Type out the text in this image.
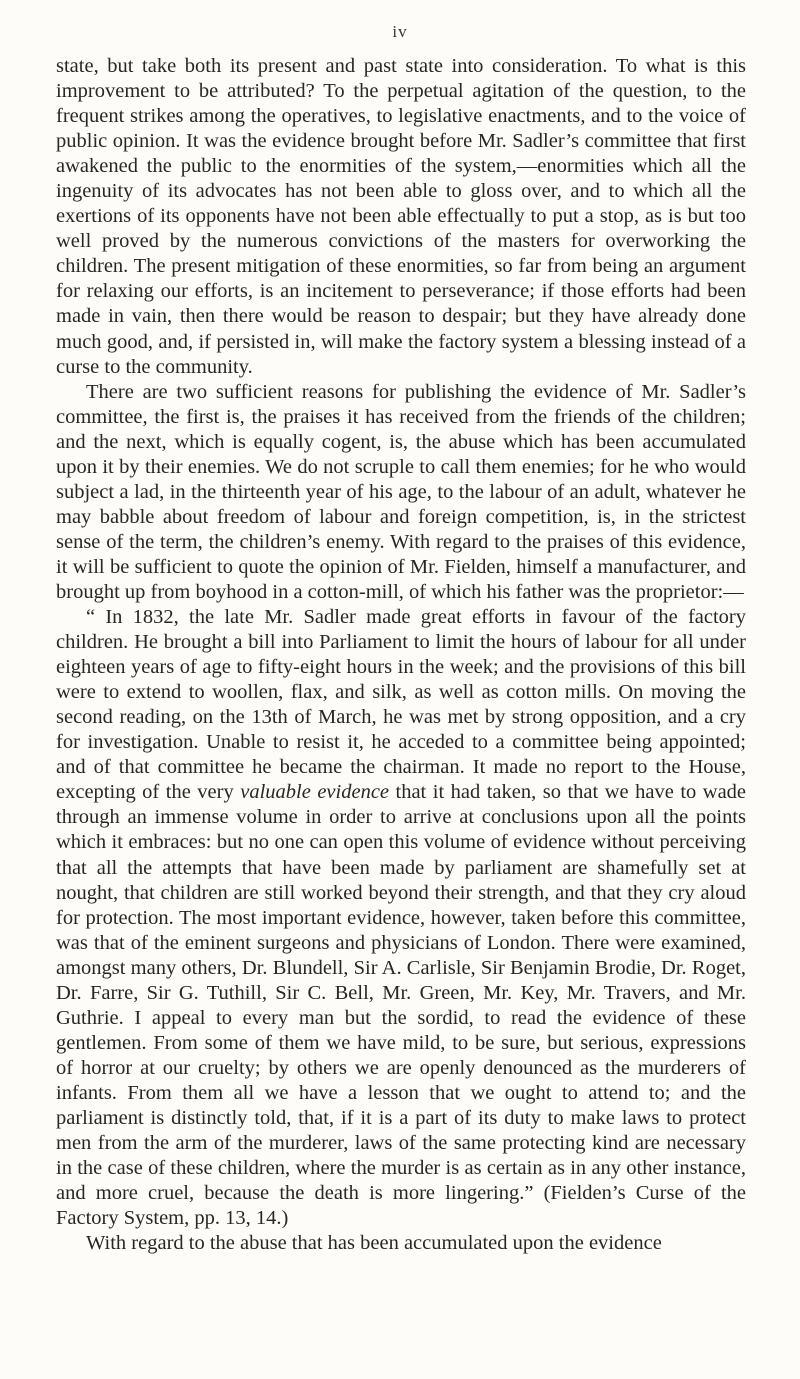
iv

state, but take both its present and past state into consideration. To what is this improvement to be attributed? To the perpetual agitation of the question, to the frequent strikes among the operatives, to legislative enactments, and to the voice of public opinion. It was the evidence brought before Mr. Sadler’s committee that first awakened the public to the enormities of the system,—enormities which all the ingenuity of its advocates has not been able to gloss over, and to which all the exertions of its opponents have not been able effectually to put a stop, as is but too well proved by the numerous convictions of the masters for overworking the children. The present mitigation of these enormities, so far from being an argument for relaxing our efforts, is an incitement to perseverance; if those efforts had been made in vain, then there would be reason to despair; but they have already done much good, and, if persisted in, will make the factory system a blessing instead of a curse to the community.

There are two sufficient reasons for publishing the evidence of Mr. Sadler’s committee, the first is, the praises it has received from the friends of the children; and the next, which is equally cogent, is, the abuse which has been accumulated upon it by their enemies. We do not scruple to call them enemies; for he who would subject a lad, in the thirteenth year of his age, to the labour of an adult, whatever he may babble about freedom of labour and foreign competition, is, in the strictest sense of the term, the children’s enemy. With regard to the praises of this evidence, it will be sufficient to quote the opinion of Mr. Fielden, himself a manufacturer, and brought up from boyhood in a cotton-mill, of which his father was the proprietor:—

“ In 1832, the late Mr. Sadler made great efforts in favour of the factory children. He brought a bill into Parliament to limit the hours of labour for all under eighteen years of age to fifty-eight hours in the week; and the provisions of this bill were to extend to woollen, flax, and silk, as well as cotton mills. On moving the second reading, on the 13th of March, he was met by strong opposition, and a cry for investigation. Unable to resist it, he acceded to a committee being appointed; and of that committee he became the chairman. It made no report to the House, excepting of the very valuable evidence that it had taken, so that we have to wade through an immense volume in order to arrive at conclusions upon all the points which it embraces: but no one can open this volume of evidence without perceiving that all the attempts that have been made by parliament are shamefully set at nought, that children are still worked beyond their strength, and that they cry aloud for protection. The most important evidence, however, taken before this committee, was that of the eminent surgeons and physicians of London. There were examined, amongst many others, Dr. Blundell, Sir A. Carlisle, Sir Benjamin Brodie, Dr. Roget, Dr. Farre, Sir G. Tuthill, Sir C. Bell, Mr. Green, Mr. Key, Mr. Travers, and Mr. Guthrie. I appeal to every man but the sordid, to read the evidence of these gentlemen. From some of them we have mild, to be sure, but serious, expressions of horror at our cruelty; by others we are openly denounced as the murderers of infants. From them all we have a lesson that we ought to attend to; and the parliament is distinctly told, that, if it is a part of its duty to make laws to protect men from the arm of the murderer, laws of the same protecting kind are necessary in the case of these children, where the murder is as certain as in any other instance, and more cruel, because the death is more lingering.” (Fielden’s Curse of the Factory System, pp. 13, 14.)

With regard to the abuse that has been accumulated upon the evidence
